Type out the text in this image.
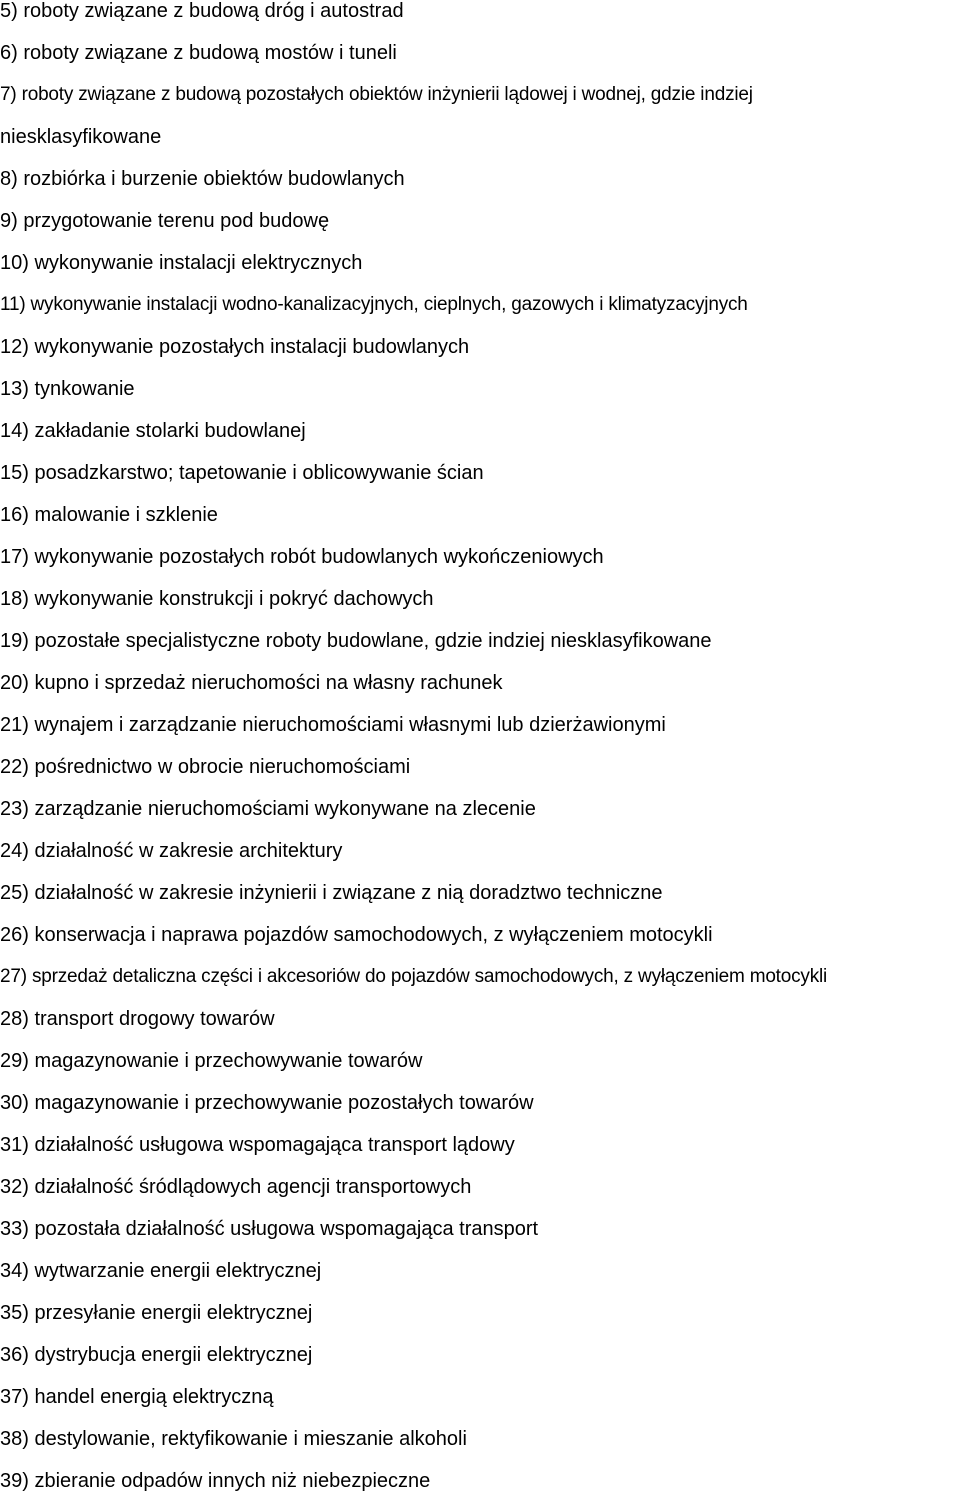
5) roboty związane z budową dróg i autostrad
6) roboty związane z budową mostów i tuneli
7) roboty związane z budową pozostałych obiektów inżynierii lądowej i wodnej, gdzie indziej
niesklasyfikowane
8) rozbiórka i burzenie obiektów budowlanych
9) przygotowanie terenu pod budowę
10) wykonywanie instalacji elektrycznych
11) wykonywanie instalacji wodno-kanalizacyjnych, cieplnych, gazowych i klimatyzacyjnych
12) wykonywanie pozostałych instalacji budowlanych
13) tynkowanie
14) zakładanie stolarki budowlanej
15) posadzkarstwo; tapetowanie i oblicowywanie ścian
16) malowanie i szklenie
17) wykonywanie pozostałych robót budowlanych wykończeniowych
18) wykonywanie konstrukcji i pokryć dachowych
19) pozostałe specjalistyczne roboty budowlane, gdzie indziej niesklasyfikowane
20) kupno i sprzedaż nieruchomości na własny rachunek
21) wynajem i zarządzanie nieruchomościami własnymi lub dzierżawionymi
22) pośrednictwo w obrocie nieruchomościami
23) zarządzanie nieruchomościami wykonywane na zlecenie
24) działalność w zakresie architektury
25) działalność w zakresie inżynierii i związane z nią doradztwo techniczne
26) konserwacja i naprawa pojazdów samochodowych, z wyłączeniem motocykli
27) sprzedaż detaliczna części i akcesoriów do pojazdów samochodowych, z wyłączeniem motocykli
28) transport drogowy towarów
29) magazynowanie i przechowywanie towarów
30) magazynowanie i przechowywanie pozostałych towarów
31) działalność usługowa wspomagająca transport lądowy
32) działalność śródlądowych agencji transportowych
33) pozostała działalność usługowa wspomagająca transport
34) wytwarzanie energii elektrycznej
35) przesyłanie energii elektrycznej
36) dystrybucja energii elektrycznej
37) handel energią elektryczną
38) destylowanie, rektyfikowanie i mieszanie alkoholi
39) zbieranie odpadów innych niż niebezpieczne
